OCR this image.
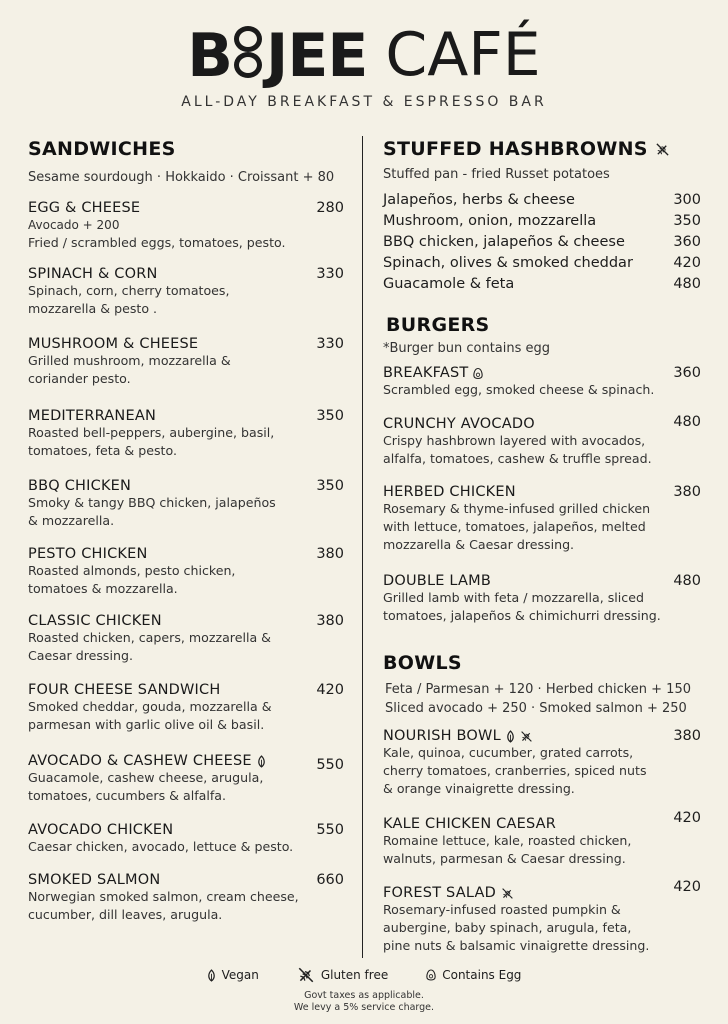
B JEE CAFÉ
ALL-DAY BREAKFAST & ESPRESSO BAR
SANDWICHES
Sesame sourdough · Hokkaido · Croissant + 80
EGG & CHEESE	280
Avocado + 200
Fried / scrambled eggs, tomatoes, pesto.
SPINACH & CORN	330
Spinach, corn, cherry tomatoes,
mozzarella & pesto .
MUSHROOM & CHEESE	330
Grilled mushroom, mozzarella &
coriander pesto.
MEDITERRANEAN	350
Roasted bell-peppers, aubergine, basil,
tomatoes, feta & pesto.
BBQ CHICKEN	350
Smoky & tangy BBQ chicken, jalapeños
& mozzarella.
PESTO CHICKEN	380
Roasted almonds, pesto chicken,
tomatoes & mozzarella.
CLASSIC CHICKEN	380
Roasted chicken, capers, mozzarella &
Caesar dressing.
FOUR CHEESE SANDWICH	420
Smoked cheddar, gouda, mozzarella &
parmesan with garlic olive oil & basil.
AVOCADO & CASHEW CHEESE	550
Guacamole, cashew cheese, arugula,
tomatoes, cucumbers & alfalfa.
AVOCADO CHICKEN	550
Caesar chicken, avocado, lettuce & pesto.
SMOKED SALMON	660
Norwegian smoked salmon, cream cheese,
cucumber, dill leaves, arugula.
STUFFED HASHBROWNS
Stuffed pan - fried Russet potatoes
Jalapeños, herbs & cheese	300
Mushroom, onion, mozzarella	350
BBQ chicken, jalapeños & cheese	360
Spinach, olives & smoked cheddar	420
Guacamole & feta	480
BURGERS
*Burger bun contains egg
BREAKFAST	360
Scrambled egg, smoked cheese & spinach.
CRUNCHY AVOCADO	480
Crispy hashbrown layered with avocados,
alfalfa, tomatoes, cashew & truffle spread.
HERBED CHICKEN	380
Rosemary & thyme-infused grilled chicken
with lettuce, tomatoes, jalapeños, melted
mozzarella & Caesar dressing.
DOUBLE LAMB	480
Grilled lamb with feta / mozzarella, sliced
tomatoes, jalapeños & chimichurri dressing.
BOWLS
Feta / Parmesan + 120 · Herbed chicken + 150
Sliced avocado + 250 · Smoked salmon + 250
NOURISH BOWL	380
Kale, quinoa, cucumber, grated carrots,
cherry tomatoes, cranberries, spiced nuts
& orange vinaigrette dressing.
KALE CHICKEN CAESAR	420
Romaine lettuce, kale, roasted chicken,
walnuts, parmesan & Caesar dressing.
FOREST SALAD	420
Rosemary-infused roasted pumpkin &
aubergine, baby spinach, arugula, feta,
pine nuts & balsamic vinaigrette dressing.
Vegan	Gluten free	Contains Egg
Govt taxes as applicable.
We levy a 5% service charge.
